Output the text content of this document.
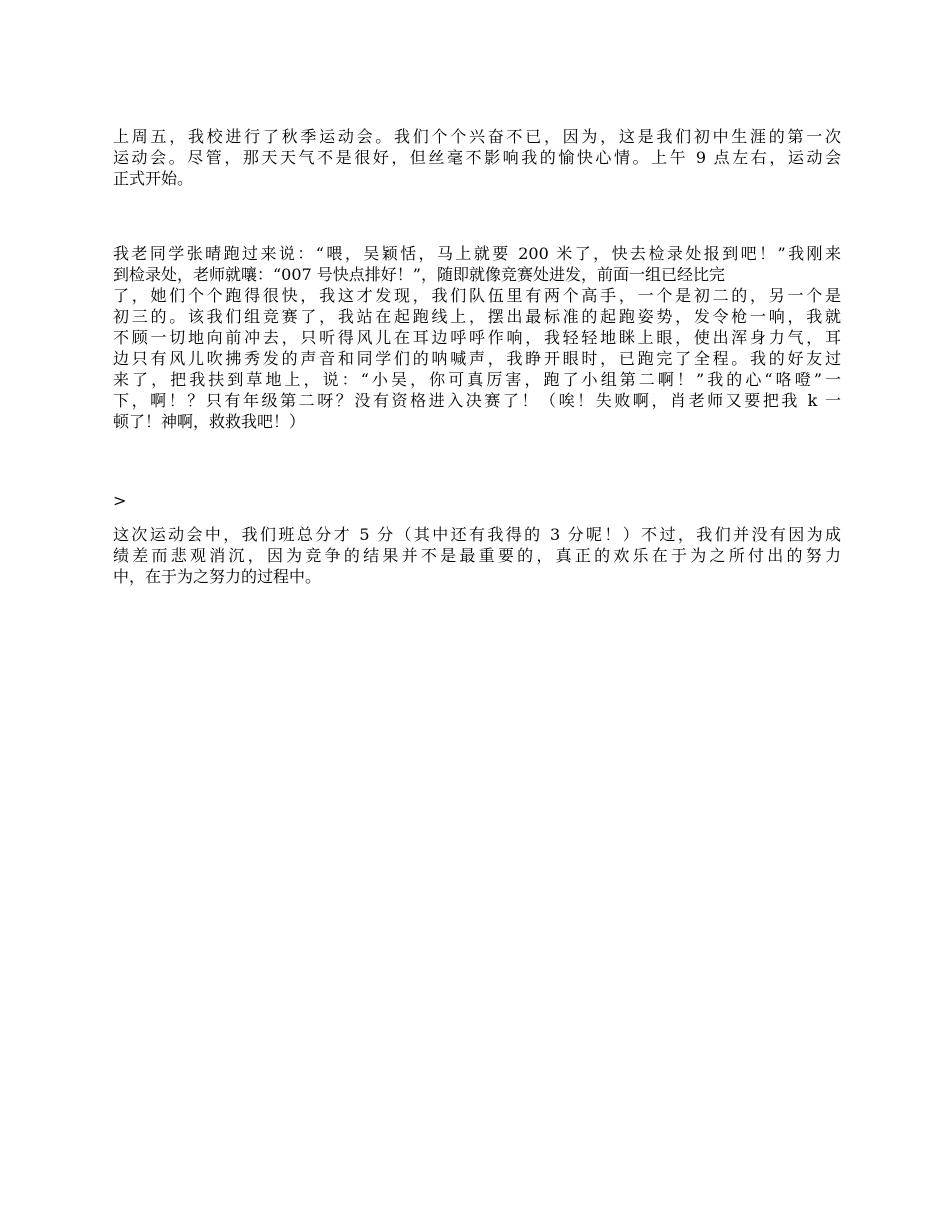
上周五，我校进行了秋季运动会。我们个个兴奋不已，因为，这是我们初中生涯的第一次
运动会。尽管，那天天气不是很好，但丝毫不影响我的愉快心情。上午 9 点左右，运动会
正式开始。
我老同学张晴跑过来说：“喂，吴颖恬，马上就要 200 米了，快去检录处报到吧！”我刚来
到检录处，老师就嚷：“007 号快点排好！”，随即就像竞赛处进发，前面一组已经比完
了，她们个个跑得很快，我这才发现，我们队伍里有两个高手，一个是初二的，另一个是
初三的。该我们组竞赛了，我站在起跑线上，摆出最标准的起跑姿势，发令枪一响，我就
不顾一切地向前冲去，只听得风儿在耳边呼呼作响，我轻轻地眯上眼，使出浑身力气，耳
边只有风儿吹拂秀发的声音和同学们的呐喊声，我睁开眼时，已跑完了全程。我的好友过
来了，把我扶到草地上，说：“小吴，你可真厉害，跑了小组第二啊！”我的心“咯噔”一
下，啊！？只有年级第二呀？没有资格进入决赛了！（唉！失败啊，肖老师又要把我 k 一
顿了！神啊，救救我吧！）
>
这次运动会中，我们班总分才 5 分（其中还有我得的 3 分呢！）不过，我们并没有因为成
绩差而悲观消沉，因为竞争的结果并不是最重要的，真正的欢乐在于为之所付出的努力
中，在于为之努力的过程中。
